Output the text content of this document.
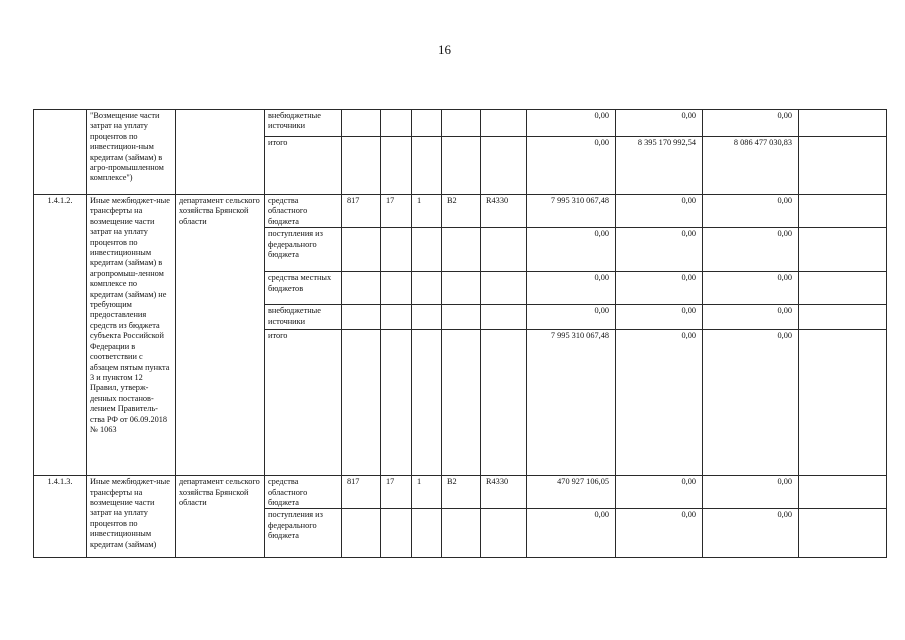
16
	"Возмещение части затрат на уплату процентов по инвестицион-ным кредитам (займам) в агро-промышленном комплексе")		внебюджетные источники						0,00	0,00	0,00	
			итого						0,00	8 395 170 992,54	8 086 477 030,83	
1.4.1.2.	Иные межбюджет-ные трансферты на возмещение части затрат на уплату процентов по инвестиционным кредитам (займам) в агропромыш-ленном комплексе по кредитам (займам) не требующим предоставления средств из бюджета субъекта Российской Федерации в соответствии с абзацем пятым пункта 3 и пунктом 12 Правил, утверж-денных постанов-лением Правитель-ства РФ от 06.09.2018 № 1063	департамент сельского хозяйства Брянской области	средства областного бюджета	817	17	1	В2	R4330	7 995 310 067,48	0,00	0,00	
			поступления из федерального бюджета						0,00	0,00	0,00	
			средства местных бюджетов						0,00	0,00	0,00	
			внебюджетные источники						0,00	0,00	0,00	
			итого						7 995 310 067,48	0,00	0,00	
1.4.1.3.	Иные межбюджет-ные трансферты на возмещение части затрат на уплату процентов по инвестиционным кредитам (займам)	департамент сельского хозяйства Брянской области	средства областного бюджета	817	17	1	В2	R4330	470 927 106,05	0,00	0,00	
			поступления из федерального бюджета						0,00	0,00	0,00	
